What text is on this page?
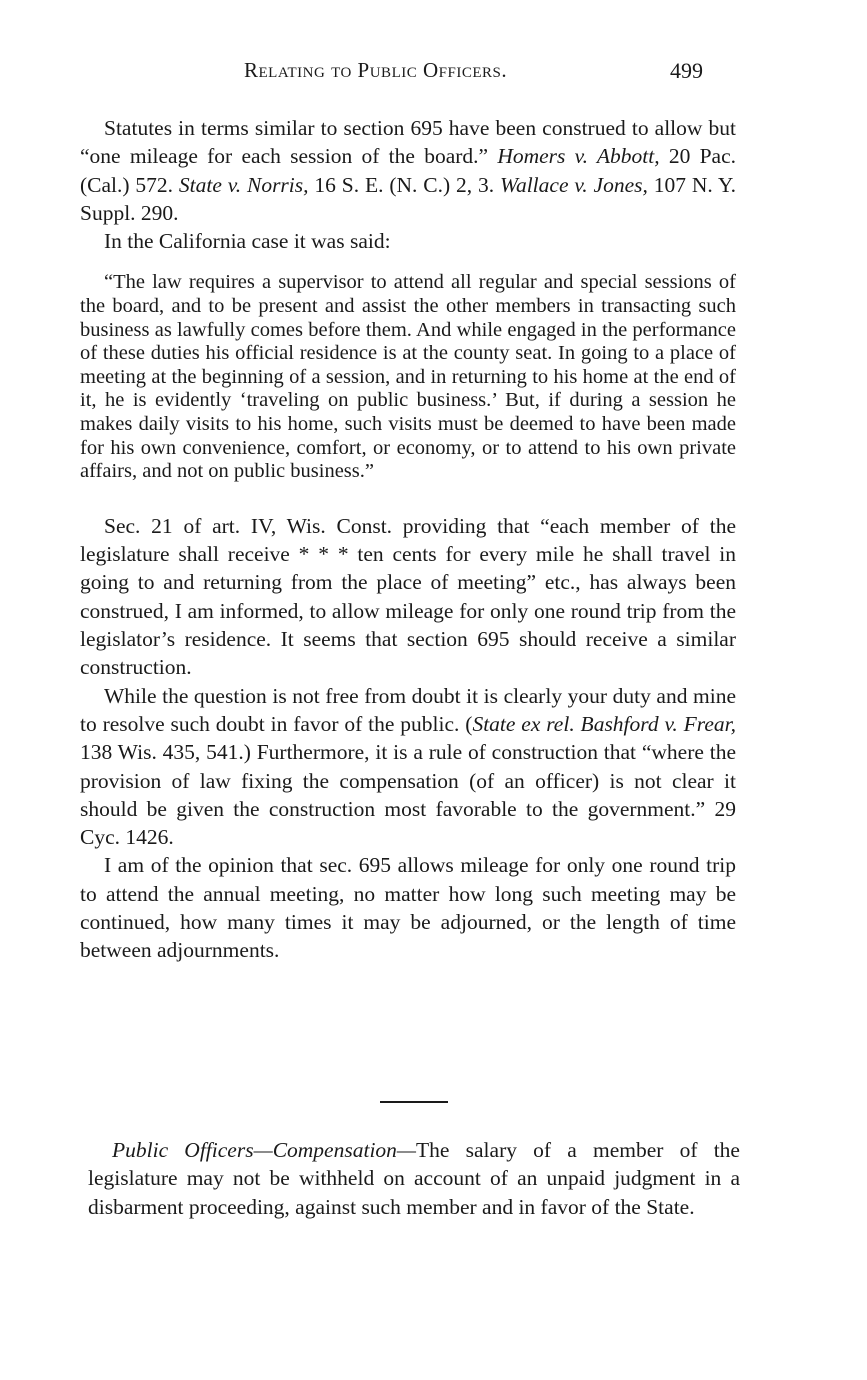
Relating to Public Officers.	499

Statutes in terms similar to section 695 have been construed to allow but “one mileage for each session of the board.” Homers v. Abbott, 20 Pac. (Cal.) 572. State v. Norris, 16 S. E. (N. C.) 2, 3. Wallace v. Jones, 107 N. Y. Suppl. 290.

In the California case it was said:

“The law requires a supervisor to attend all regular and special sessions of the board, and to be present and assist the other members in transacting such business as lawfully comes before them. And while engaged in the performance of these duties his official residence is at the county seat. In going to a place of meeting at the beginning of a session, and in returning to his home at the end of it, he is evidently ‘traveling on public business.’ But, if during a session he makes daily visits to his home, such visits must be deemed to have been made for his own convenience, comfort, or economy, or to attend to his own private affairs, and not on public business.”

Sec. 21 of art. IV, Wis. Const. providing that “each member of the legislature shall receive * * * ten cents for every mile he shall travel in going to and returning from the place of meeting” etc., has always been construed, I am informed, to allow mileage for only one round trip from the legislator’s residence. It seems that section 695 should receive a similar construction.

While the question is not free from doubt it is clearly your duty and mine to resolve such doubt in favor of the public. (State ex rel. Bashford v. Frear, 138 Wis. 435, 541.) Furthermore, it is a rule of construction that “where the provision of law fixing the compensation (of an officer) is not clear it should be given the construction most favorable to the government.” 29 Cyc. 1426.

I am of the opinion that sec. 695 allows mileage for only one round trip to attend the annual meeting, no matter how long such meeting may be continued, how many times it may be adjourned, or the length of time between adjournments.

Public Officers—Compensation—The salary of a member of the legislature may not be withheld on account of an unpaid judgment in a disbarment proceeding, against such member and in favor of the State.
